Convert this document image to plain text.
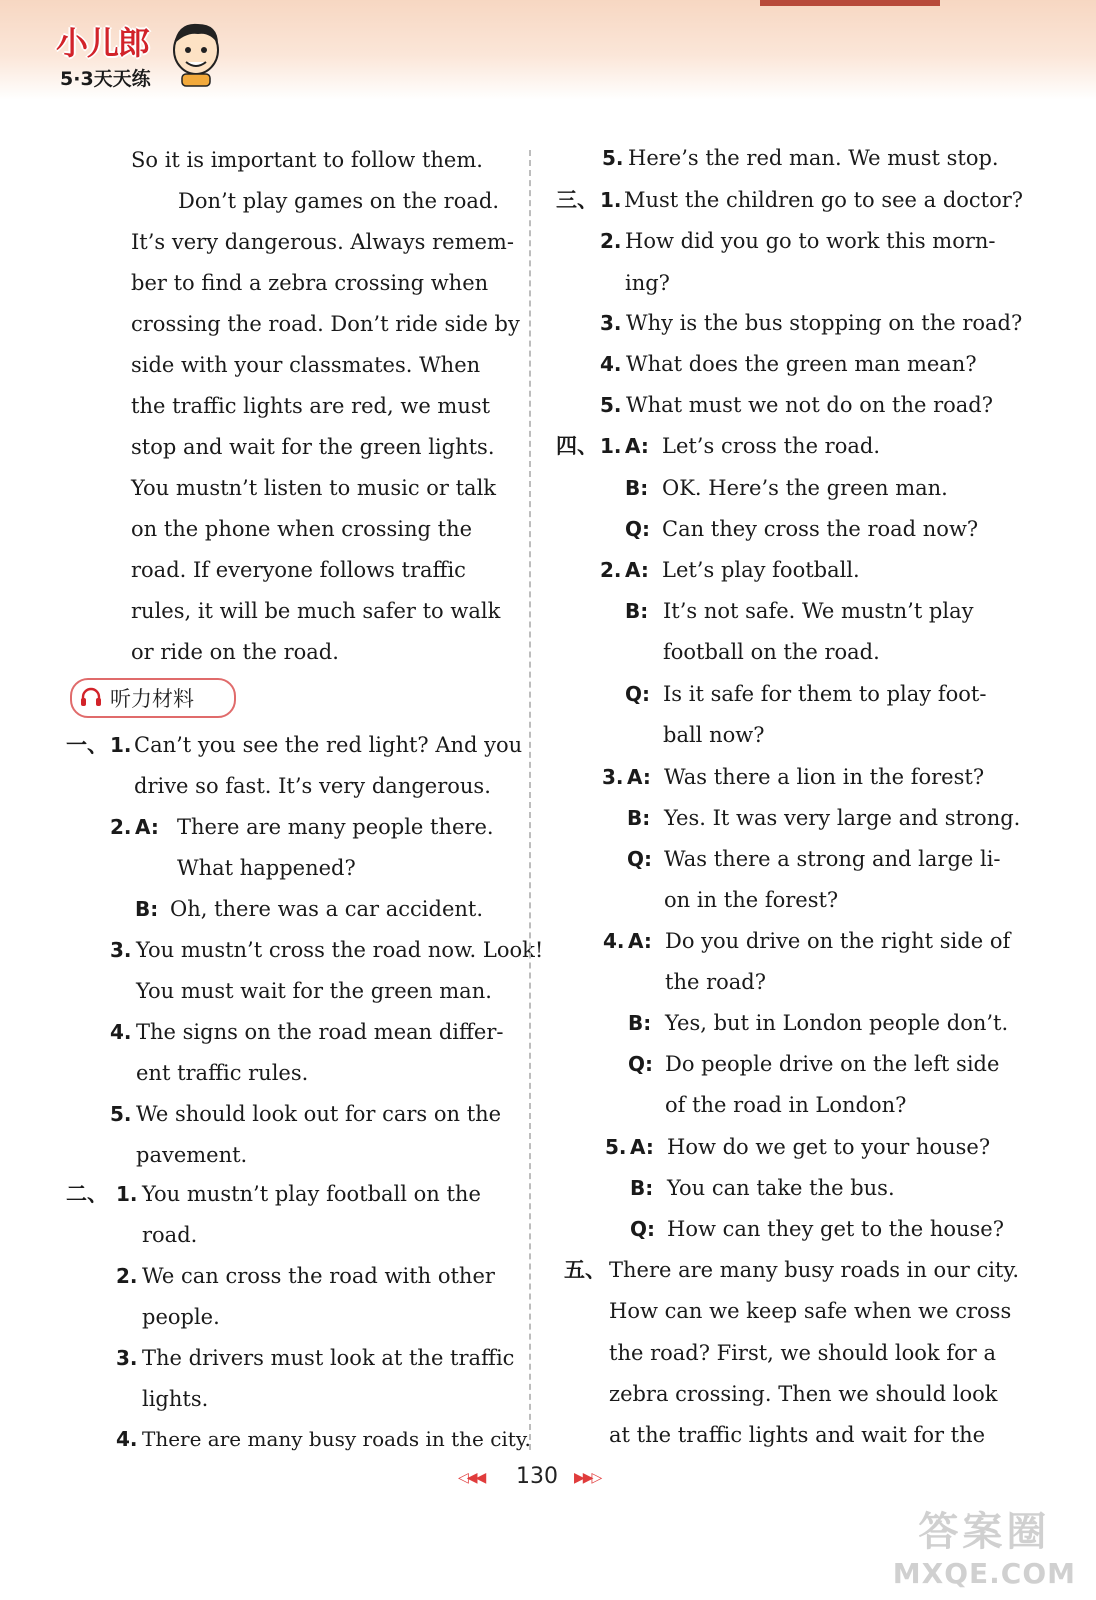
小儿郎
5·3天天练
So it is important to follow them.
Don’t play games on the road.
It’s very dangerous. Always remem-
ber to find a zebra crossing when
crossing the road. Don’t ride side by
side with your classmates. When
the traffic lights are red, we must
stop and wait for the green lights.
You mustn’t listen to music or talk
on the phone when crossing the
road. If everyone follows traffic
rules, it will be much safer to walk
or ride on the road.
听力材料
一、 1. Can’t you see the red light? And you
drive so fast. It’s very dangerous.
2. A: There are many people there.
What happened?
B: Oh, there was a car accident.
3. You mustn’t cross the road now. Look!
You must wait for the green man.
4. The signs on the road mean differ-
ent traffic rules.
5. We should look out for cars on the
pavement.
二、 1. You mustn’t play football on the
road.
2. We can cross the road with other
people.
3. The drivers must look at the traffic
lights.
4. There are many busy roads in the city.
5. Here’s the red man. We must stop.
三、 1. Must the children go to see a doctor?
2. How did you go to work this morn-
ing?
3. Why is the bus stopping on the road?
4. What does the green man mean?
5. What must we not do on the road?
四、 1. A: Let’s cross the road.
B: OK. Here’s the green man.
Q: Can they cross the road now?
2. A: Let’s play football.
B: It’s not safe. We mustn’t play
football on the road.
Q: Is it safe for them to play foot-
ball now?
3. A: Was there a lion in the forest?
B: Yes. It was very large and strong.
Q: Was there a strong and large li-
on in the forest?
4. A: Do you drive on the right side of
the road?
B: Yes, but in London people don’t.
Q: Do people drive on the left side
of the road in London?
5. A: How do we get to your house?
B: You can take the bus.
Q: How can they get to the house?
五、 There are many busy roads in our city.
How can we keep safe when we cross
the road? First, we should look for a
zebra crossing. Then we should look
at the traffic lights and wait for the
◁◀◀ 130 ▶▶▷
答案圈
MXQE.COM
